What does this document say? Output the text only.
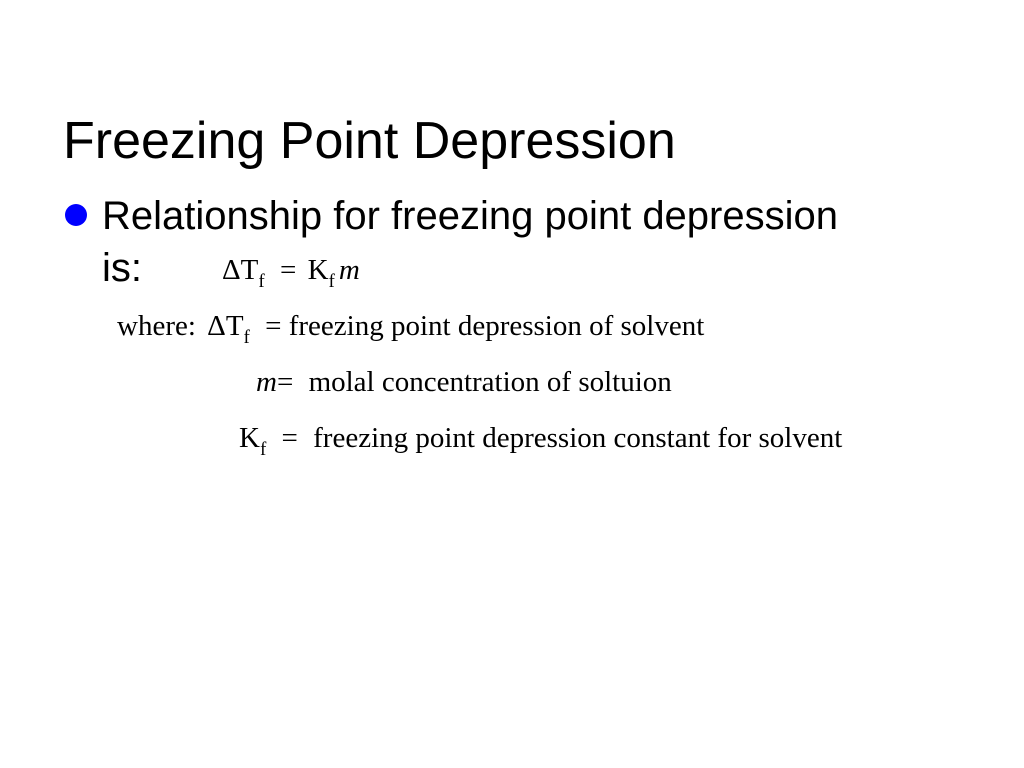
Freezing Point Depression
Relationship for freezing point depression
is:	$\Delta T_f = K_f$ m
where: $\Delta T_f$ = freezing point depression of solvent
m= molal concentration of soltuion
$K_f$ = freezing point depression constant for solvent
